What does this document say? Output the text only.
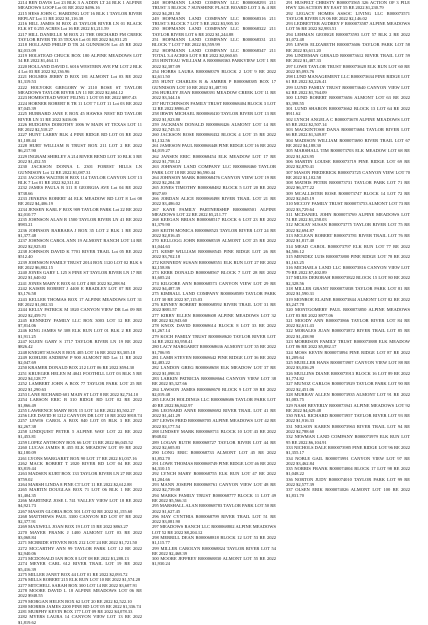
2214 BEN DAVIS Lot 23 BLK 3 A ADDN LT 24 BLK 1 ALPINE MEADOWS LOOP Lot 01 RE 2022 $496.16

2215 HESS JOHN C. HARDING LOT 16 BLK 1 TAYLOR RIVER REPLAT Lot 11 RE 2022 $1,116.38

2216 HILL JAMES M BOX 43 TAYLOR RIVER LN 01 BLACK ELK ST 0.255 ACRES Lot 16 RE 2022 $1,211.59

2217 HILL DANIELLE M BOX 21 THE ORCHARD FM CREEK TAYLOR RIVER TR 35 TEXAS Lot 01 RE 2022 $4,931.25

2218 HOLLAND PHILIP D TR 24 GUNNISON Lot 45 RE 2022 $2,013.09

2219 HOLSTEAD CHUCK BOX 180 ALPINE MEADOWS LOT 34 RE 2022 $1,464.11

2220 HOLLAND DAVID L 6016 WESTERN AVE FM LOT 2 BLK 4 Lot 03 RE 2022 $2,136.96

2221 HOLMES JERRY D BOX 181 ALMONT Lot 03 RE 2022 $1,319.53

2222 HOLYOKE GREGORY W 2110 ROSE ST TAYLOR MEADOWS TAYLOR RIVER LN 11 RE 2022 $2,604.12

2223 HOMESTEAD WEST FILING 1 LOT 05 RE 2022 $897.43

2224 HORNER ROBERT R TR 11 LOT 7 LOT 11 Lot 03 RE 2022 $7,045.39

2225 HUBBARD JANE E BOX 45 HAWKS NEST RD TAYLOR RIVER LN 31 RE 2022 $416.06

2226 HUDGENS DOROTHY 1006 W MAIN ST TEXAS LOT 11 RE 2022 $2,518.27

2227 HUNT LARRY BLK 4 PINE RIDGE RD LOT 03 RE 2022 $1,108.44

2228 HURT WILLIAM R TRUST BOX 211 LOT 2 RE 2022 $6,217.90

2229 INGRAM SHIRLEY A 214 RIVER BEND LOT 10 BLK 3 RE 2022 $1,452.55

2230 JACKSON DONNA L 2301 FOREST HILLS LN GUNNISON Lot 12 RE 2022 $1,087.31

2231 JACOBS WALTER H BOX 114 TAYLOR CANYON LOT 13 BLK 7 Lot 01 RE 2022 $2,311.02

2232 JAMES PAULA R 311 E GEORGIA AVE Lot 04 RE 2022 $738.66

2233 JENKINS ROBERT 44 ELK MEADOW RD LOT 8 Lot 08 RE 2022 $4,406.19

2234 JENSEN KARL F BOX 909 TAYLOR PARK Lot 22 RE 2022 $2,010.77

2235 JOHNSON ALAN R 1500 TAYLOR RIVER LN 41 RE 2022 $983.21

2236 JOHNSON BARBARA J BOX 35 LOT 2 BLK 1 RE 2022 $1,377.48

2237 JOHNSON CAROL ANN 19 ALMONT RANCH LOT 14 RE 2022 $2,925.83

2238 JOHNSON DAVID K 7701 RIVER TRAIL Lot 05 RE 2022 $512.40

2239 JOHNSON FAMILY TRUST 2014 BOX 1120 LOT 02 BLK 6 RE 2022 $6,802.15

2240 JONES GARY L 125 S PINE ST TAYLOR RIVER LN 17 RE 2022 $1,640.02

2241 JONES MARY E BOX 61 LOT 4 RE 2022 $2,288.94

2242 KAISER ROBERT J 4400 E BRADLEY LOT 07 RE 2022 $3,176.58

2243 KELLER THOMAS BOX 17 ALPINE MEADOWS LOT 31 RE 2022 $1,002.33

2244 KELLY PATRICK M 1820 CANYON VIEW DR Lot 09 RE 2022 $2,459.71

2245 KENNEDY FAMILY LLC BOX 3003 LOT 12 RE 2022 $7,814.06

2246 KING JAMES W 308 ELK RUN LOT 01 BLK 2 RE 2022 $1,911.25

2247 KLEIN GARY S 1717 TAYLOR RIVER LN 19 RE 2022 $826.42

2248 KNIGHT SUSAN E BOX 405 LOT 16 RE 2022 $3,305.18

2249 KOHLER ANDREW P 900 ALMONT RD Lot 11 RE 2022 $2,047.69

2250 KRAMER DONALD BOX 212 LOT 06 RE 2022 $594.30

2251 KRUEGER HELEN M 4041 FOOTHILL LOT 03 BLK 5 RE 2022 $4,128.77

2252 LAMBERT JOHN A BOX 77 TAYLOR PARK LOT 25 RE 2022 $1,290.63

2253 LANE RICHARD 601 MAIN ST LOT 8 RE 2022 $2,734.10

2254 LARSON ERIC B 310 RIDGE RD LOT 02 RE 2022 $1,866.49

2255 LAWRENCE MARY BOX 15 LOT 14 RE 2022 $3,502.27

2256 LEE DAVID H 1212 CANYON DR LOT 10 RE 2022 $918.74

2257 LEWIS CAROL A BOX 840 LOT 05 BLK 3 RE 2022 $2,267.38

2258 LINDQUIST PETER 5 ALPINE WAY LOT 22 RE 2022 $1,453.81

2259 LOPEZ ANTHONY BOX 66 LOT 13 RE 2022 $6,045.52

2260 LUCAS JAMES R 455 ELK MEADOW LOT 09 RE 2022 $2,180.09

2261 LYONS MARGARET BOX 90 LOT 17 RE 2022 $1,037.16

2262 MACK ROBERT T 2020 RIVER RD LOT 04 RE 2022 $3,819.44

2263 MADSEN KURT BOX 133 TAYLOR RIVER LN 27 RE 2022 $759.02

2264 MARSH LINDA 8 PINE CT LOT 11 RE 2022 $2,612.88

2265 MARTIN DOUGLAS BOX 71 LOT 06 BLK 1 RE 2022 $1,404.35

2266 MARTINEZ JOSE L 741 VALLEY VIEW LOT 18 RE 2022 $4,921.73

2267 MASON GLORIA BOX 501 LOT 02 RE 2022 $1,155.60

2268 MATTHEWS PAUL 3300 CANYON RD LOT 07 RE 2022 $2,377.91

2269 MAXWELL JOAN BOX 19 LOT 15 RE 2022 $863.27

2270 MAYER FRANK J 1400 ALMONT LOT 03 RE 2022 $3,068.84

2271 MCBRIDE STEVEN BOX 212 LOT 24 RE 2022 $1,721.50

2272 MCCARTHY ANN 99 TAYLOR PARK LOT 12 RE 2022 $2,940.06

2273 MCDONALD IAN BOX 8 LOT 08 RE 2022 $1,288.13

2274 MEYER CARL 612 RIVER TRAIL LOT 19 RE 2022 $5,416.39

2275 MILLER JANET BOX 44 LOT 01 RE 2022 $2,093.72

2276 MILLS ROBERT 215 ELK RUN LOT 10 RE 2022 $1,574.28

2277 MITCHELL SARAH BOX 300 LOT 14 RE 2022 $3,607.91

2278 MOORE DAVID L 18 ALPINE MEADOWS LOT 06 RE 2022 $948.55

2279 MORGAN HELEN BOX 62 LOT 20 RE 2022 $2,522.10

2280 MORRIS JAMES 2200 PINE RD LOT 05 RE 2022 $1,336.74

2281 MURPHY KEVIN BOX 177 LOT 09 RE 2022 $4,078.33

2282 MYERS LAURA 14 CANYON VIEW LOT 13 RE 2022 $1,819.62

248 HOFMANN LAND COMPANY LLC R000068293 211 TRUST 3 BLOCK 7 SUNSHINE PLACE BOARD LOT 3 & 4 RE 2022 $4,281.50

249 HOFMANN LAND COMPANY LLC R000068316 211 TRUST 3 BLOCK 7 LOT 5 RE 2022 $3,905.10

250 HOFMANN LAND COMPANY LLC R000068322 211 TAYLOR RIVER LOT 6 RE 2022 $1,244.88

251 HOFMANN LAND COMPANY LLC R000068331 211 BLOCK 7 LOT 7 RE 2022 $3,559.99

252 HOFMANN LAND COMPANY LLC R000068347 211 TOTAL 3.4 ACRES LOT 8 RE 2022 $2,060.65

253 HINTEAU WILLIAM A R000068363 PARKVIEW LOT 1 RE 2022 $2,387.09

254 HOBBS LAURA R000068379 BLOCK 2 LOT 9 RE 2022 $2,611.50

255 HUNT CHARLES R & AMBER P R000068385 BOX 17 GUNNISON LOT 10 RE 2022 $1,487.93

256 HURLEY JEAN R000068391 MEADOW CREEK LOT 11 RE 2022 $3,344.16

257 HUTCHINSON FAMILY TRUST R000068404 BLOCK 3 LOT 12 RE 2022 $986.47

258 IRWIN MICHAEL R000068410 TAYLOR RIVER LOT 13 RE 2022 $1,923.80

259 JACKMAN DONALD R000068426 ALMONT LOT 14 RE 2022 $2,745.31

260 JACKSON ROSE R000068432 BLOCK 4 LOT 15 RE 2022 $1,132.56

261 JAMESON PAUL R000068448 PINE RIDGE LOT 16 RE 2022 $4,019.27

262 JANSEN ERIC R000068454 ELK MEADOW LOT 17 RE 2022 $1,758.12

263 JOHNSON LAND COMPANY LLC R000068460 TAYLOR PARK LOT 18 RE 2022 $6,590.44

264 JOHNSON MARK R000068476 CANYON VIEW LOT 19 RE 2022 $2,204.38

265 JONES TIMOTHY R000068482 BLOCK 5 LOT 20 RE 2022 $927.69

266 JORDAN ALICE R000068498 RIVER TRAIL LOT 21 RE 2022 $3,486.02

267 KANE FAMILY PARTNERSHIP R000068501 ALPINE MEADOWS LOT 22 RE 2022 $5,211.77

268 KEEGAN BRIAN R000068517 BLOCK 6 LOT 23 RE 2022 $1,379.90

269 KEITH MONICA R000068523 TAYLOR RIVER LOT 24 RE 2022 $2,816.45

270 KELLOGG JOHN R000068539 ALMONT LOT 25 RE 2022 $1,044.63

271 KEMP WILLIAM R000068545 PINE RIDGE LOT 26 RE 2022 $3,702.18

272 KENNEDY SUSAN R000068551 ELK RUN LOT 27 RE 2022 $2,158.86

273 KERR DONALD R000068567 BLOCK 7 LOT 28 RE 2022 $1,605.24

274 KILGORE ANN R000068573 CANYON VIEW LOT 29 RE 2022 $4,487.39

275 KIMBALL LAND COMPANY R000068589 TAYLOR PARK LOT 30 RE 2022 $7,115.03

276 KINNEY ROBERT R000068592 RIVER TRAIL LOT 31 RE 2022 $881.57

277 KIRBY ELLEN R000068608 ALPINE MEADOWS LOT 32 RE 2022 $2,943.60

278 KNOX DAVID R000068614 BLOCK 8 LOT 33 RE 2022 $1,267.14

279 KOCH FAMILY TRUST R000068620 TAYLOR RIVER LOT 34 RE 2022 $3,958.41

280 LACY MARGARET R000068636 ALMONT LOT 35 RE 2022 $1,706.95

281 LAMB STEVEN R000068642 PINE RIDGE LOT 36 RE 2022 $2,483.22

282 LANDON GREG R000068658 ELK MEADOW LOT 37 RE 2022 $1,098.31

283 LARKIN PATRICIA R000068664 CANYON VIEW LOT 38 RE 2022 $5,327.66

284 LAWSON JAMES R000068670 BLOCK 9 LOT 39 RE 2022 $2,019.48

285 LEACH HOLDINGS LLC R000068686 TAYLOR PARK LOT 40 RE 2022 $6,842.97

286 LEONARD ANNE R000068692 RIVER TRAIL LOT 41 RE 2022 $1,441.29

287 LEWIS FRED R000068705 ALPINE MEADOWS LOT 42 RE 2022 $3,177.54

288 LINDSEY MARK R000068711 BLOCK 10 LOT 43 RE 2022 $948.02

289 LOGAN RUTH R000068727 TAYLOR RIVER LOT 44 RE 2022 $2,605.83

290 LONG ERIC R000068733 ALMONT LOT 45 RE 2022 $1,852.70

291 LOWE THOMAS R000068749 PINE RIDGE LOT 46 RE 2022 $4,310.15

292 LYNCH MARY R000068755 ELK RUN LOT 47 RE 2022 $1,204.66

293 MANN JOSEPH R000068761 CANYON VIEW LOT 48 RE 2022 $2,739.08

294 MARKS FAMILY TRUST R000068777 BLOCK 11 LOT 49 RE 2022 $5,566.31

295 MARSHALL ALAN R000068783 TAYLOR PARK LOT 50 RE 2022 $1,627.45

296 MAY CYNTHIA R000068799 RIVER TRAIL LOT 51 RE 2022 $3,081.90

297 MEADOWS RANCH LLC R000068802 ALPINE MEADOWS LOT 52 RE 2022 $8,204.12

298 MERRILL DEAN R000068818 BLOCK 12 LOT 53 RE 2022 $1,115.77

299 MILLER CAROLYN R000068824 TAYLOR RIVER LOT 54 RE 2022 $2,468.39

300 MOORE JEFFREY R000068830 ALMONT LOT 55 RE 2022 $1,930.24

291 HUSFELT CHRISTY R000073565 326 ACTION OF 3 PILE HWY 326 ACTION BY EAST 55 RE 2022 $1,230.79

292 LEGACY HOMES ASSOC LIVING LLC R000073571 TAYLOR RIVER LN 06 RE 2022 $2,146.02

293 LEDBETTER AUDREY F R000073587 ALPINE MEADOWS LOT 56 RE 2022 $2,983.51

294 LEHMAN GEORGE R000073593 LOT 57 BLK 2 RE 2022 $1,072.48

295 LEWIS ELIZABETH R000073606 TAYLOR PARK LOT 58 RE 2022 $3,611.20

296 LINDEMAN GERALD R000073612 RIVER TRAIL LOT 59 RE 2022 $1,487.33

297 LOWE TAYLOR TRUST R000073628 ELK RUN LOT 60 RE 2022 $5,093.76

298 LUND MANAGEMENT LLC R000073634 PINE RIDGE LOT 61 RE 2022 $2,226.41

299 LUND FAMILY TRUST R000073640 CANYON VIEW LOT 62 RE 2022 $1,764.09

300 LUND ROBERT R000073656 ALMONT LOT 63 RE 2022 $3,398.55

301 LUND SHARON R000073662 BLOCK 13 LOT 64 RE 2022 $911.62

302 LYNCH ANGELA C R000073678 ALPINE MEADOWS LOT 65 RE 2022 $2,507.14

303 MACKINTOSH DANA R000073684 TAYLOR RIVER LOT 66 RE 2022 $1,349.87

304 MADISON WILLIAM R000073690 RIVER TRAIL LOT 67 RE 2022 $4,188.30

305 MARSHALL TIM R000073703 ELK MEADOW LOT 68 RE 2022 $1,623.95

306 MARTIN LOUISE R000073719 PINE RIDGE LOT 69 RE 2022 $2,870.41

307 MASON FREDERICK R000073725 CANYON VIEW LOT 70 RE 2022 $1,102.58

308 MATHIS PETER R000073731 TAYLOR PARK LOT 71 RE 2022 $6,377.22

309 MCALLISTER ROSE R000073747 BLOCK 14 LOT 72 RE 2022 $2,045.19

310 MCCOY FAMILY TRUST R000073753 ALMONT LOT 73 RE 2022 $3,729.64

311 MCDANIEL JOHN R000073769 ALPINE MEADOWS LOT 74 RE 2022 $1,258.03

312 MCKAY SUSAN R000073775 TAYLOR RIVER LOT 75 RE 2022 $2,694.87

313 MCLEAN ROBERT R000073781 RIVER TRAIL LOT 76 RE 2022 $1,817.40

314 MEAD CAROL R000073797 ELK RUN LOT 77 RE 2022 $4,506.12

315 MENDEZ LUIS R000073800 PINE RIDGE LOT 78 RE 2022 $1,163.25

316 MICHAELS LAND LLC R000073816 CANYON VIEW LOT 79 RE 2022 $7,402.89

317 MILES DEBORAH R000073822 BLOCK 15 LOT 80 RE 2022 $2,328.56

318 MILLER GRANT R000073838 TAYLOR PARK LOT 81 RE 2022 $1,590.31

319 MONROE ELAINE R000073844 ALMONT LOT 82 RE 2022 $3,247.78

320 MONTGOMERY PAUL R000073850 ALPINE MEADOWS LOT 83 RE 2022 $977.06

321 MOODY ANN R000073866 TAYLOR RIVER LOT 84 RE 2022 $2,611.43

322 MORALES JUAN R000073872 RIVER TRAIL LOT 85 RE 2022 $1,438.90

323 MORRISON FAMILY TRUST R000073888 ELK MEADOW LOT 86 RE 2022 $5,882.17

324 MOSS KEVIN R000073894 PINE RIDGE LOT 87 RE 2022 $1,209.64

325 MUELLER HANS R000073907 CANYON VIEW LOT 88 RE 2022 $3,036.29

326 MULLINS DIANE R000073913 BLOCK 16 LOT 89 RE 2022 $1,774.82

327 MUNOZ CARLOS R000073929 TAYLOR PARK LOT 90 RE 2022 $2,451.06

328 MURRAY ALLEN R000073935 ALMONT LOT 91 RE 2022 $1,083.75

329 NASH BEVERLY R000073941 ALPINE MEADOWS LOT 92 RE 2022 $4,629.48

330 NEAL RICHARD R000073957 TAYLOR RIVER LOT 93 RE 2022 $1,916.33

331 NELSON KAREN R000073963 RIVER TRAIL LOT 94 RE 2022 $2,788.60

332 NEWMAN LAND COMPANY R000073979 ELK RUN LOT 95 RE 2022 $6,104.91

333 NICHOLS DALE R000073985 PINE RIDGE LOT 96 RE 2022 $1,355.17

334 NOBLE GAIL R000073991 CANYON VIEW LOT 97 RE 2022 $3,462.84

335 NORRIS FRANK R000074004 BLOCK 17 LOT 98 RE 2022 $1,048.22

336 NORTON JUDY R000074010 TAYLOR PARK LOT 99 RE 2022 $2,577.39

337 OLSEN ERIK R000074026 ALMONT LOT 100 RE 2022 $1,831.70
